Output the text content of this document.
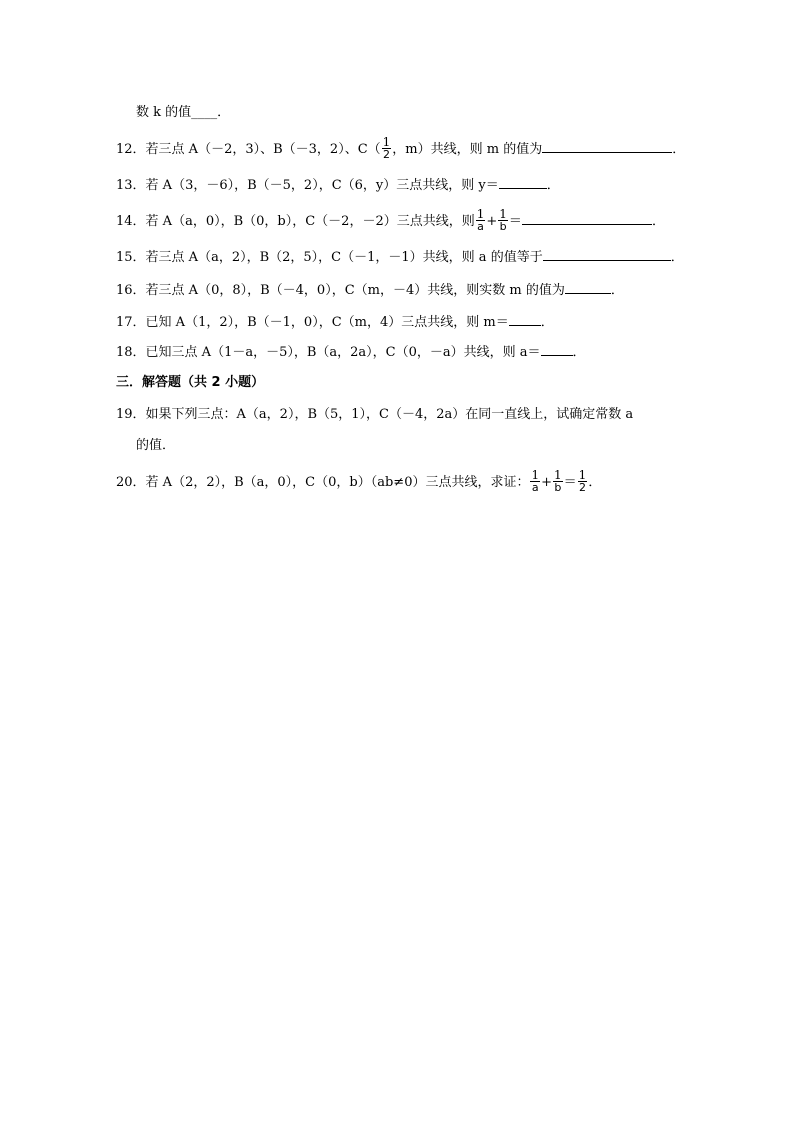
数 k 的值____．
12．若三点 A（－2，3）、B（－3，2）、$C( \frac{1}{2}$ ，m）共线，则 m 的值为	．
13．若 A（3，－6），B（－5，2），C（6，y）三点共线，则 y＝	．
14．若 A（a，0），B（0，b），C（－2，－2）三点共线，则 $\frac{1}{a} + \frac{1}{b}$ ＝	．
15．若三点 A（a，2），B（2，5），C（－1，－1）共线，则 a 的值等于	．
16．若三点 A（0，8），B（－4，0），C（m，－4）共线，则实数 m 的值为	．
17．已知 A（1，2），B（－1，0），C（m，4）三点共线，则 m＝ ．
18．已知三点 A（1－a，－5），B（a，2a），C（0，－a）共线，则 a＝ ．
三．解答题（共 2 小题）
19．如果下列三点：A（a，2），B（5，1），C（－4，2a）在同一直线上，试确定常数 a
的值．
20．若 A（2，2），B（a，0），C（0，b）（ab≠0）三点共线，求证： $\frac{1}{a} + \frac{1}{b} = \frac{1}{2}$ ．
